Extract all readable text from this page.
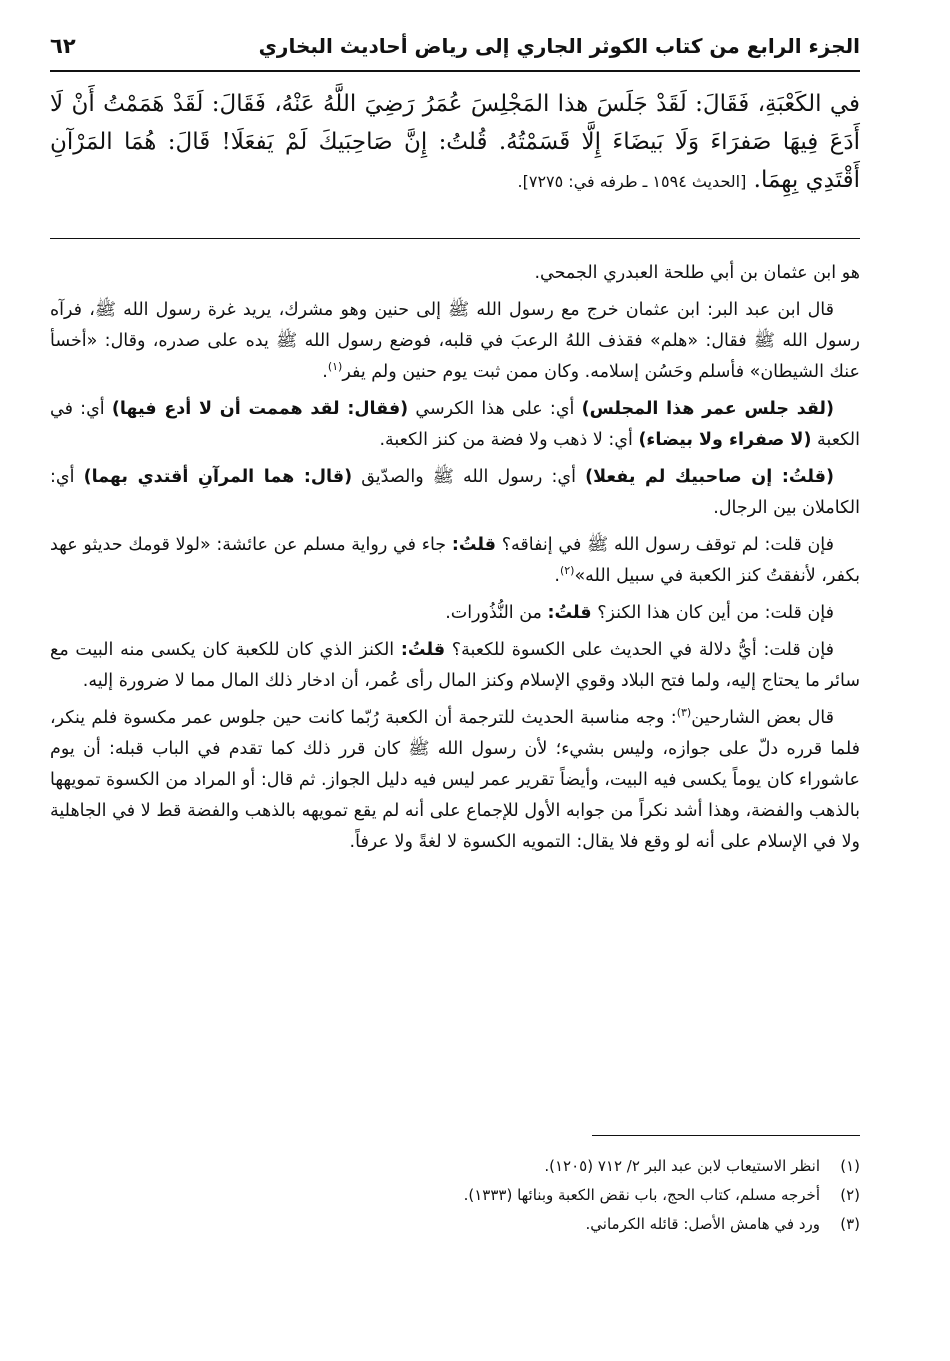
الجزء الرابع من كتاب الكوثر الجاري إلى رياض أحاديث البخاري
٦٢
في الكَعْبَةِ، فَقَالَ: لَقَدْ جَلَسَ هذا المَجْلِسَ عُمَرُ رَضِيَ اللَّهُ عَنْهُ، فَقَالَ: لَقَدْ هَمَمْتُ أَنْ لَا أَدَعَ فِيهَا صَفرَاءَ وَلَا بَيضَاءَ إِلَّا قَسَمْتُهُ. قُلتُ: إِنَّ صَاحِبَيكَ لَمْ يَفعَلَا! قَالَ: هُمَا المَرْآنِ أَقْتَدِي بِهِمَا. [الحديث ١٥٩٤ ـ طرفه في: ٧٢٧٥].

هو ابن عثمان بن أبي طلحة العبدري الجمحي.

قال ابن عبد البر: ابن عثمان خرج مع رسول الله ﷺ إلى حنين وهو مشرك، يريد غرة رسول الله ﷺ، فرآه رسول الله ﷺ فقال: «هلم» فقذف اللهُ الرعبَ في قلبه، فوضع رسول الله ﷺ يده على صدره، وقال: «أخسأ عنك الشيطان» فأسلم وحَسُن إسلامه. وكان ممن ثبت يوم حنين ولم يفر$^{(١)}$.

(لقد جلس عمر هذا المجلس) أي: على هذا الكرسي (فقال: لقد هممت أن لا أدع فيها) أي: في الكعبة (لا صفراء ولا بيضاء) أي: لا ذهب ولا فضة من كنز الكعبة.

(قلتُ: إن صاحبيك لم يفعلا) أي: رسول الله ﷺ والصدّيق (قال: هما المرآنِ أقتدي بهما) أي: الكاملان بين الرجال.

فإن قلت: لم توقف رسول الله ﷺ في إنفاقه؟ قلتُ: جاء في رواية مسلم عن عائشة: «لولا قومك حديثو عهد بكفر، لأنفقتُ كنز الكعبة في سبيل الله»$^{(٢)}$.

فإن قلت: من أين كان هذا الكنز؟ قلتُ: من النُّذُورات.

فإن قلت: أيُّ دلالة في الحديث على الكسوة للكعبة؟ قلتُ: الكنز الذي كان للكعبة كان يكسى منه البيت مع سائر ما يحتاج إليه، ولما فتح البلاد وقوي الإسلام وكنز المال رأى عُمر، أن ادخار ذلك المال مما لا ضرورة إليه.

قال بعض الشارحين$^{(٣)}$: وجه مناسبة الحديث للترجمة أن الكعبة رُبّما كانت حين جلوس عمر مكسوة فلم ينكر، فلما قرره دلّ على جوازه، وليس بشيء؛ لأن رسول الله ﷺ كان قرر ذلك كما تقدم في الباب قبله: أن يوم عاشوراء كان يوماً يكسى فيه البيت، وأيضاً تقرير عمر ليس فيه دليل الجواز. ثم قال: أو المراد من الكسوة تمويهها بالذهب والفضة، وهذا أشد نكراً من جوابه الأول للإجماع على أنه لم يقع تمويهه بالذهب والفضة قط لا في الجاهلية ولا في الإسلام على أنه لو وقع فلا يقال: التمويه الكسوة لا لغةً ولا عرفاً.

(١)
انظر الاستيعاب لابن عبد البر ٢/ ٧١٢ (١٢٠٥).
(٢)
أخرجه مسلم، كتاب الحج، باب نقض الكعبة وبنائها (١٣٣٣).
(٣)
ورد في هامش الأصل: قائله الكرماني.
